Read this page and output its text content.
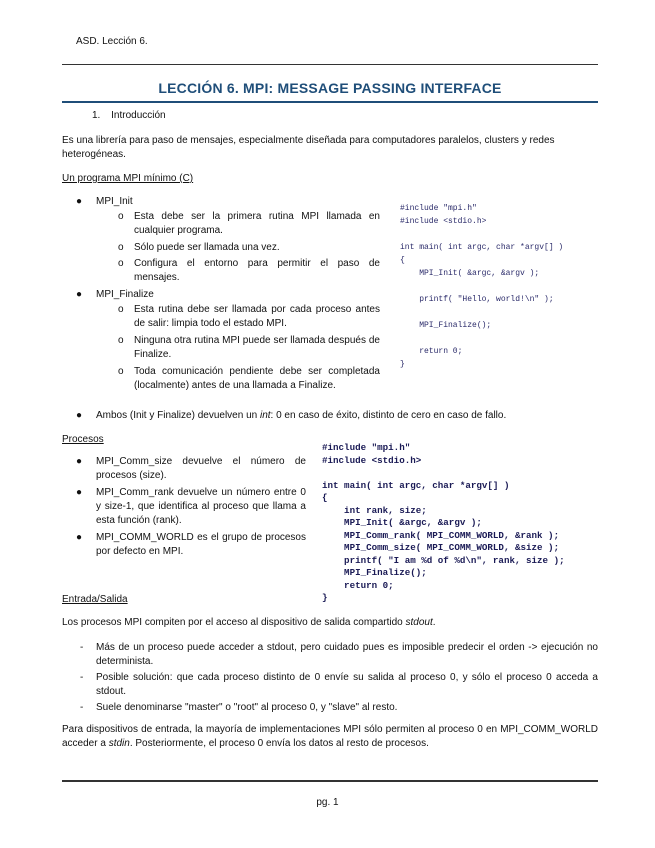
ASD. Lección 6.
LECCIÓN 6. MPI: MESSAGE PASSING INTERFACE
1. Introducción
Es una librería para paso de mensajes, especialmente diseñada para computadores paralelos, clusters y redes heterogéneas.
Un programa MPI mínimo (C)
● MPI_Init
o Esta debe ser la primera rutina MPI llamada en cualquier programa.
o Sólo puede ser llamada una vez.
o Configura el entorno para permitir el paso de mensajes.
● MPI_Finalize
o Esta rutina debe ser llamada por cada proceso antes de salir: limpia todo el estado MPI.
o Ninguna otra rutina MPI puede ser llamada después de Finalize.
o Toda comunicación pendiente debe ser completada (localmente) antes de una llamada a Finalize.
#include "mpi.h"
#include <stdio.h>

int main( int argc, char *argv[] )
{
MPI_Init( &argc, &argv );

printf( "Hello, world!\n" );

MPI_Finalize();

return 0;
}
● Ambos (Init y Finalize) devuelven un int: 0 en caso de éxito, distinto de cero en caso de fallo.
Procesos
● MPI_Comm_size devuelve el número de procesos (size).
● MPI_Comm_rank devuelve un número entre 0 y size-1, que identifica al proceso que llama a esta función (rank).
● MPI_COMM_WORLD es el grupo de procesos por defecto en MPI.
#include "mpi.h"
#include <stdio.h>

int main( int argc, char *argv[] )
{
int rank, size;
MPI_Init( &argc, &argv );
MPI_Comm_rank( MPI_COMM_WORLD, &rank );
MPI_Comm_size( MPI_COMM_WORLD, &size );
printf( "I am %d of %d\n", rank, size );
MPI_Finalize();
return 0;
}
Entrada/Salida
Los procesos MPI compiten por el acceso al dispositivo de salida compartido stdout.
- Más de un proceso puede acceder a stdout, pero cuidado pues es imposible predecir el orden -> ejecución no determinista.
- Posible solución: que cada proceso distinto de 0 envíe su salida al proceso 0, y sólo el proceso 0 acceda a stdout.
- Suele denominarse "master" o "root" al proceso 0, y "slave" al resto.
Para dispositivos de entrada, la mayoría de implementaciones MPI sólo permiten al proceso 0 en MPI_COMM_WORLD acceder a stdin. Posteriormente, el proceso 0 envía los datos al resto de procesos.
pg. 1
